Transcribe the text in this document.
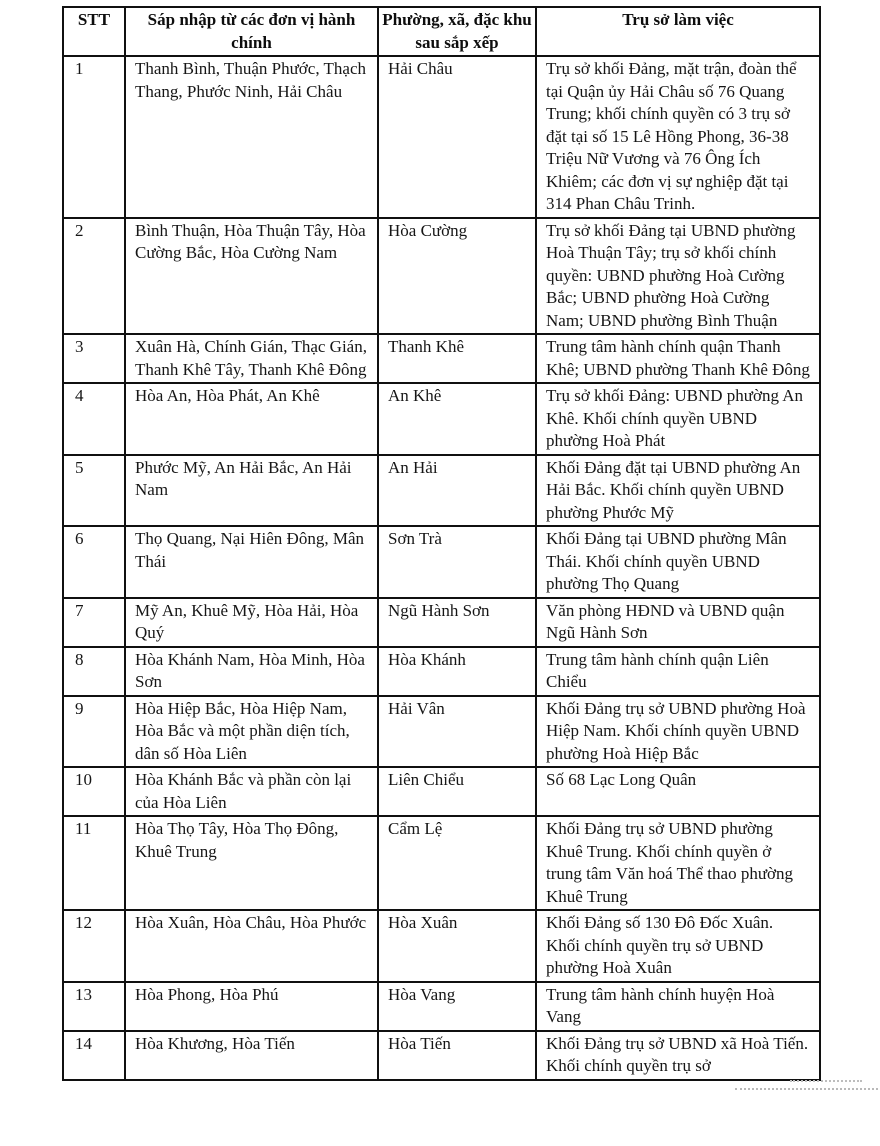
STT	Sáp nhập từ các đơn vị hành chính	Phường, xã, đặc khu sau sắp xếp	Trụ sở làm việc
1	Thanh Bình, Thuận Phước, Thạch Thang, Phước Ninh, Hải Châu	Hải Châu	Trụ sở khối Đảng, mặt trận, đoàn thể tại Quận ủy Hải Châu số 76 Quang Trung; khối chính quyền có 3 trụ sở đặt tại số 15 Lê Hồng Phong, 36-38 Triệu Nữ Vương và 76 Ông Ích Khiêm; các đơn vị sự nghiệp đặt tại 314 Phan Châu Trinh.
2	Bình Thuận, Hòa Thuận Tây, Hòa Cường Bắc, Hòa Cường Nam	Hòa Cường	Trụ sở khối Đảng tại UBND phường Hoà Thuận Tây; trụ sở khối chính quyền: UBND phường Hoà Cường Bắc; UBND phường Hoà Cường Nam; UBND phường Bình Thuận
3	Xuân Hà, Chính Gián, Thạc Gián, Thanh Khê Tây, Thanh Khê Đông	Thanh Khê	Trung tâm hành chính quận Thanh Khê; UBND phường Thanh Khê Đông
4	Hòa An, Hòa Phát, An Khê	An Khê	Trụ sở khối Đảng: UBND phường An Khê. Khối chính quyền UBND phường Hoà Phát
5	Phước Mỹ, An Hải Bắc, An Hải Nam	An Hải	Khối Đảng đặt tại UBND phường An Hải Bắc. Khối chính quyền UBND phường Phước Mỹ
6	Thọ Quang, Nại Hiên Đông, Mân Thái	Sơn Trà	Khối Đảng tại UBND phường Mân Thái. Khối chính quyền UBND phường Thọ Quang
7	Mỹ An, Khuê Mỹ, Hòa Hải, Hòa Quý	Ngũ Hành Sơn	Văn phòng HĐND và UBND quận Ngũ Hành Sơn
8	Hòa Khánh Nam, Hòa Minh, Hòa Sơn	Hòa Khánh	Trung tâm hành chính quận Liên Chiểu
9	Hòa Hiệp Bắc, Hòa Hiệp Nam, Hòa Bắc và một phần diện tích, dân số Hòa Liên	Hải Vân	Khối Đảng trụ sở UBND phường Hoà Hiệp Nam. Khối chính quyền UBND phường Hoà Hiệp Bắc
10	Hòa Khánh Bắc và phần còn lại của Hòa Liên	Liên Chiểu	Số 68 Lạc Long Quân
11	Hòa Thọ Tây, Hòa Thọ Đông, Khuê Trung	Cẩm Lệ	Khối Đảng trụ sở UBND phường Khuê Trung. Khối chính quyền ở trung tâm Văn hoá Thể thao phường Khuê Trung
12	Hòa Xuân, Hòa Châu, Hòa Phước	Hòa Xuân	Khối Đảng số 130 Đô Đốc Xuân. Khối chính quyền trụ sở UBND phường Hoà Xuân
13	Hòa Phong, Hòa Phú	Hòa Vang	Trung tâm hành chính huyện Hoà Vang
14	Hòa Khương, Hòa Tiến	Hòa Tiến	Khối Đảng trụ sở UBND xã Hoà Tiến. Khối chính quyền trụ sở
